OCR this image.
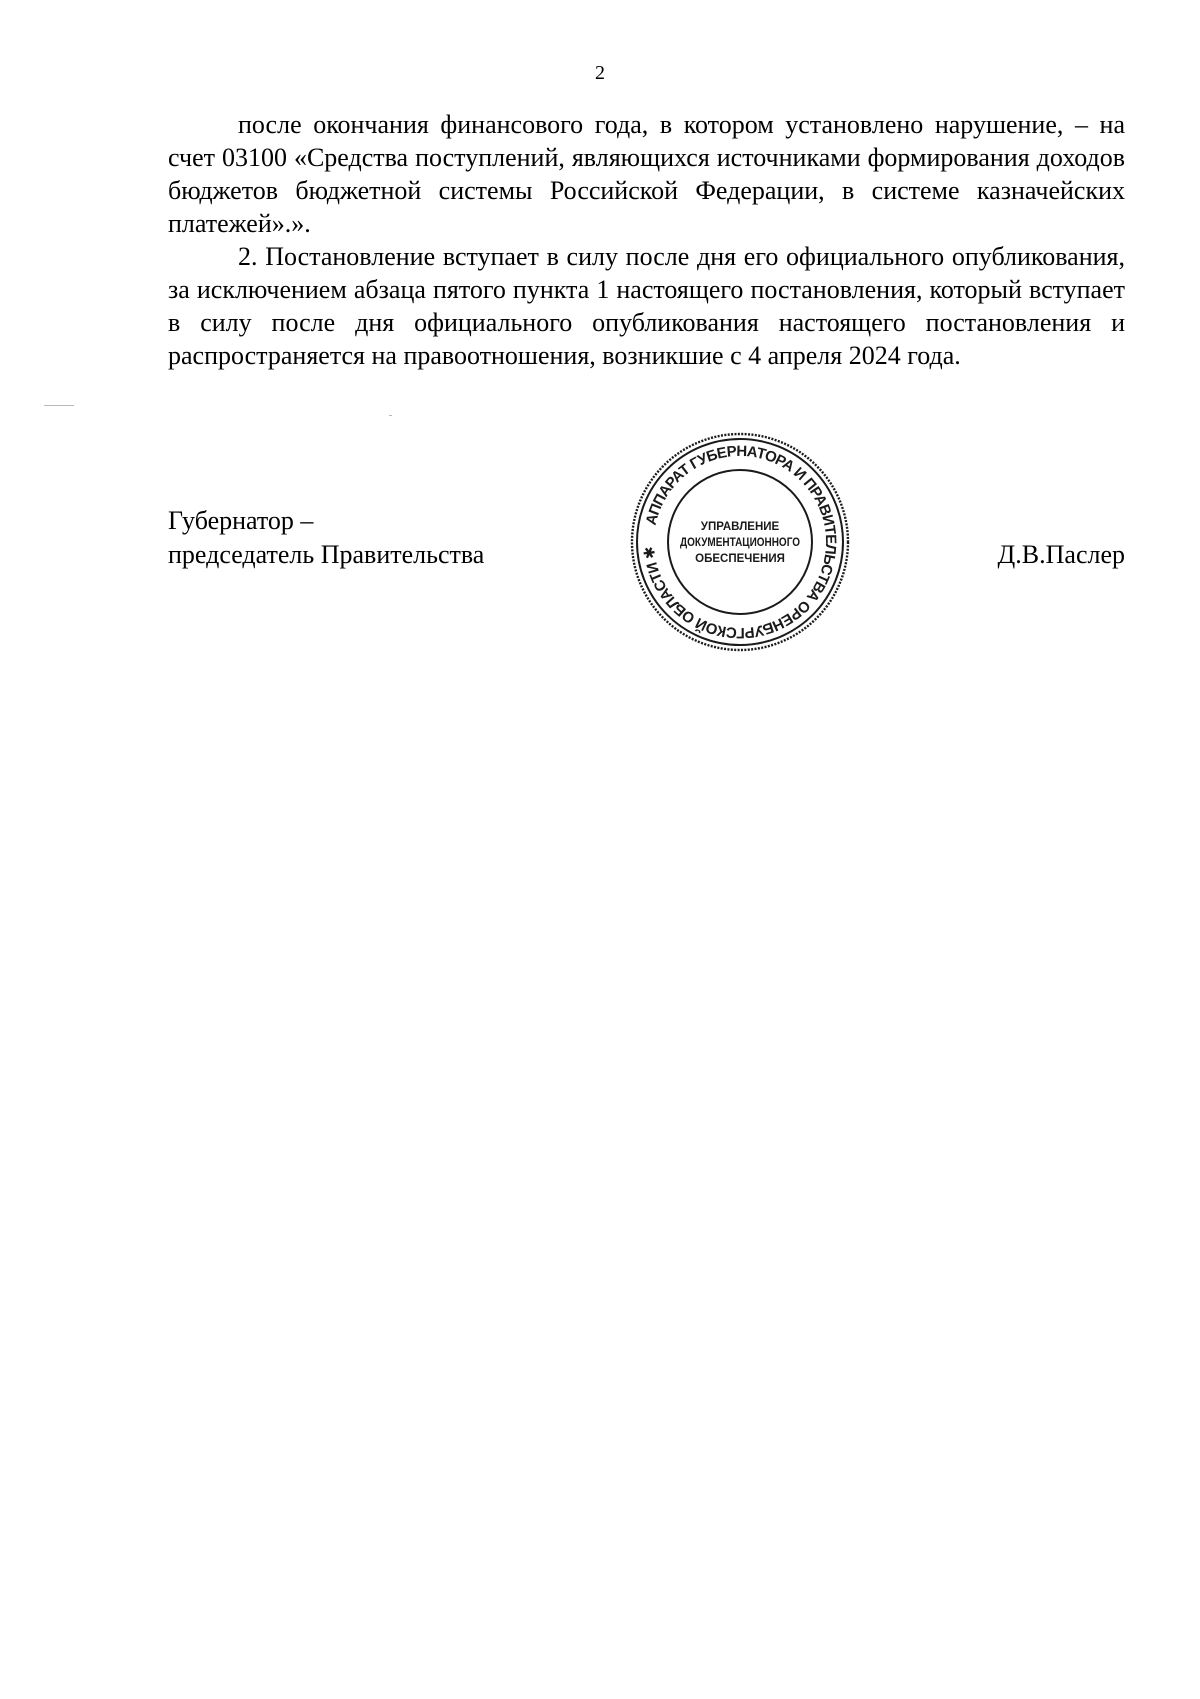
2

после окончания финансового года, в котором установлено нарушение, – на счет 03100 «Средства поступлений, являющихся источниками формирования доходов бюджетов бюджетной системы Российской Федерации, в системе казначейских платежей».».

2. Постановление вступает в силу после дня его официального опубликования, за исключением абзаца пятого пункта 1 настоящего постановления, который вступает в силу после дня официального опубликования настоящего постановления и распространяется на правоотношения, возникшие с 4 апреля 2024 года.

Губернатор –
председатель Правительства
АППАРАТ ГУБЕРНАТОРА И ПРАВИТЕЛЬСТВА ОРЕНБУРГСКОЙ ОБЛАСТИ ✱
УПРАВЛЕНИЕ
ДОКУМЕНТАЦИОННОГО
ОБЕСПЕЧЕНИЯ	Д.В.Паслер
